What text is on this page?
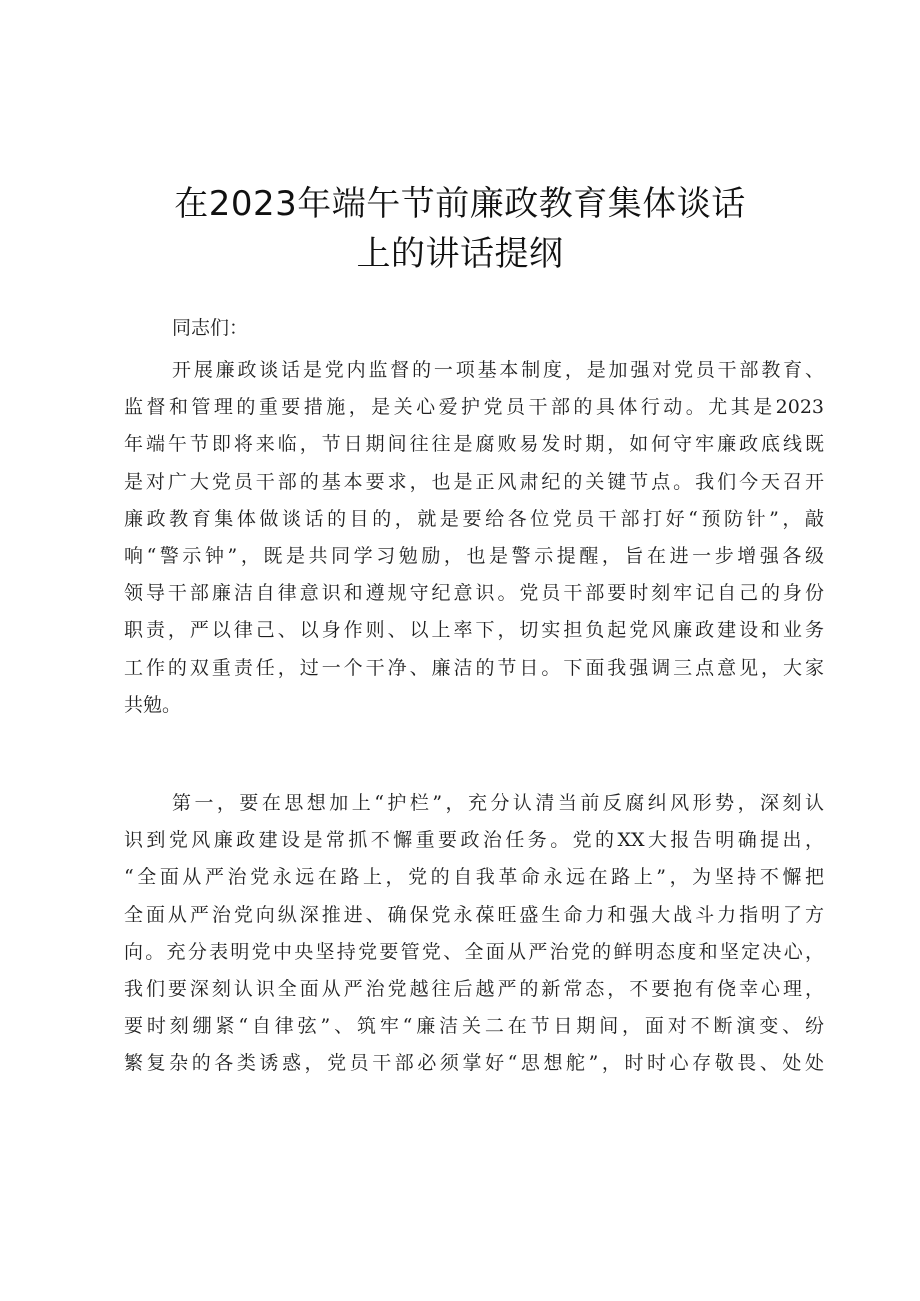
在2023年端午节前廉政教育集体谈话
上的讲话提纲
同志们：
开展廉政谈话是党内监督的一项基本制度，是加强对党员干部教育、
监督和管理的重要措施，是关心爱护党员干部的具体行动。尤其是2023
年端午节即将来临，节日期间往往是腐败易发时期，如何守牢廉政底线既
是对广大党员干部的基本要求，也是正风肃纪的关键节点。我们今天召开
廉政教育集体做谈话的目的，就是要给各位党员干部打好“预防针”，敲
响“警示钟”，既是共同学习勉励，也是警示提醒，旨在进一步增强各级
领导干部廉洁自律意识和遵规守纪意识。党员干部要时刻牢记自己的身份
职责，严以律己、以身作则、以上率下，切实担负起党风廉政建设和业务
工作的双重责任，过一个干净、廉洁的节日。下面我强调三点意见，大家
共勉。
第一，要在思想加上“护栏”，充分认清当前反腐纠风形势，深刻认
识到党风廉政建设是常抓不懈重要政治任务。党的XX大报告明确提出，
“全面从严治党永远在路上，党的自我革命永远在路上”，为坚持不懈把
全面从严治党向纵深推进、确保党永葆旺盛生命力和强大战斗力指明了方
向。充分表明党中央坚持党要管党、全面从严治党的鲜明态度和坚定决心，
我们要深刻认识全面从严治党越往后越严的新常态，不要抱有侥幸心理，
要时刻绷紧“自律弦”、筑牢“廉洁关二在节日期间，面对不断演变、纷
繁复杂的各类诱惑，党员干部必须掌好“思想舵”，时时心存敬畏、处处
